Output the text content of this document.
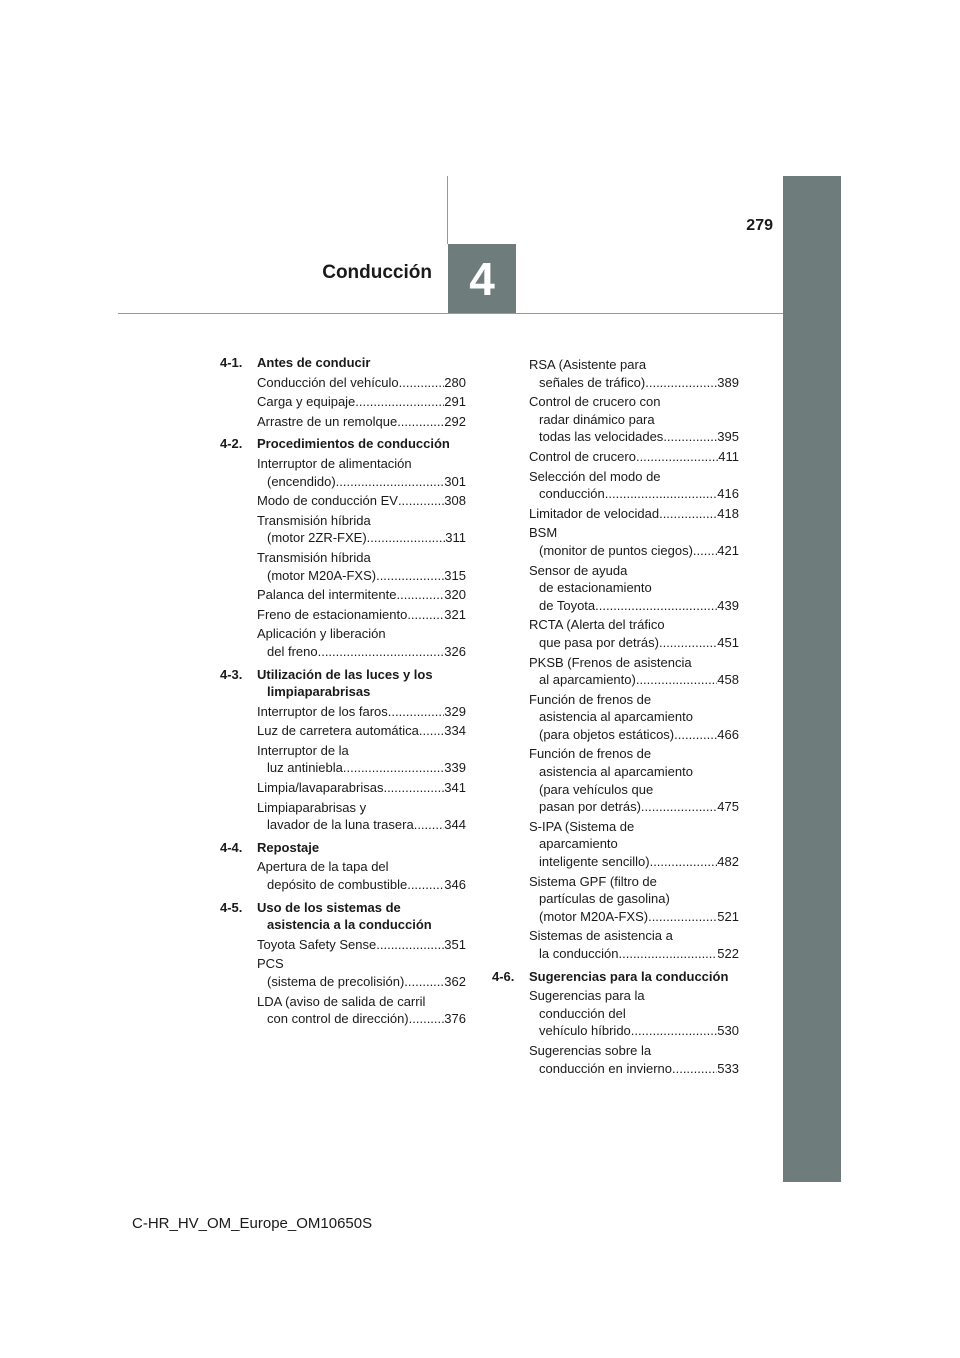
279
Conducción 4
4-1.	Antes de conducir
Conducción del vehículo .....	280
Carga y equipaje .....	291
Arrastre de un remolque .....	292
4-2.	Procedimientos de conducción
Interruptor de alimentación
(encendido) .....	301
Modo de conducción EV .....	308
Transmisión híbrida
(motor 2ZR-FXE) .....	311
Transmisión híbrida
(motor M20A-FXS) .....	315
Palanca del intermitente .....	320
Freno de estacionamiento .....	321
Aplicación y liberación
del freno .....	326
4-3.	Utilización de las luces y los limpiaparabrisas
Interruptor de los faros .....	329
Luz de carretera automática ..... 334
Interruptor de la
luz antiniebla .....	339
Limpia/lavaparabrisas .....	341
Limpiaparabrisas y
lavador de la luna trasera ..... 344
4-4.	Repostaje
Apertura de la tapa del
depósito de combustible .....	346
4-5.	Uso de los sistemas de asistencia a la conducción
Toyota Safety Sense .....	351
PCS
(sistema de precolisión) .....	362
LDA (aviso de salida de carril
con control de dirección) .....	376
RSA (Asistente para
señales de tráfico) .....	389
Control de crucero con
radar dinámico para
todas las velocidades .....	395
Control de crucero .....	411
Selección del modo de
conducción .....	416
Limitador de velocidad .....	418
BSM
(monitor de puntos ciegos) ..... 421
Sensor de ayuda
de estacionamiento
de Toyota .....	439
RCTA (Alerta del tráfico
que pasa por detrás) .....	451
PKSB (Frenos de asistencia
al aparcamiento) .....	458
Función de frenos de
asistencia al aparcamiento
(para objetos estáticos) .....	466
Función de frenos de
asistencia al aparcamiento
(para vehículos que
pasan por detrás) .....	475
S-IPA (Sistema de
aparcamiento
inteligente sencillo) .....	482
Sistema GPF (filtro de
partículas de gasolina)
(motor M20A-FXS) .....	521
Sistemas de asistencia a
la conducción .....	522
4-6.	Sugerencias para la conducción
Sugerencias para la
conducción del
vehículo híbrido .....	530
Sugerencias sobre la
conducción en invierno .....	533
C-HR_HV_OM_Europe_OM10650S
